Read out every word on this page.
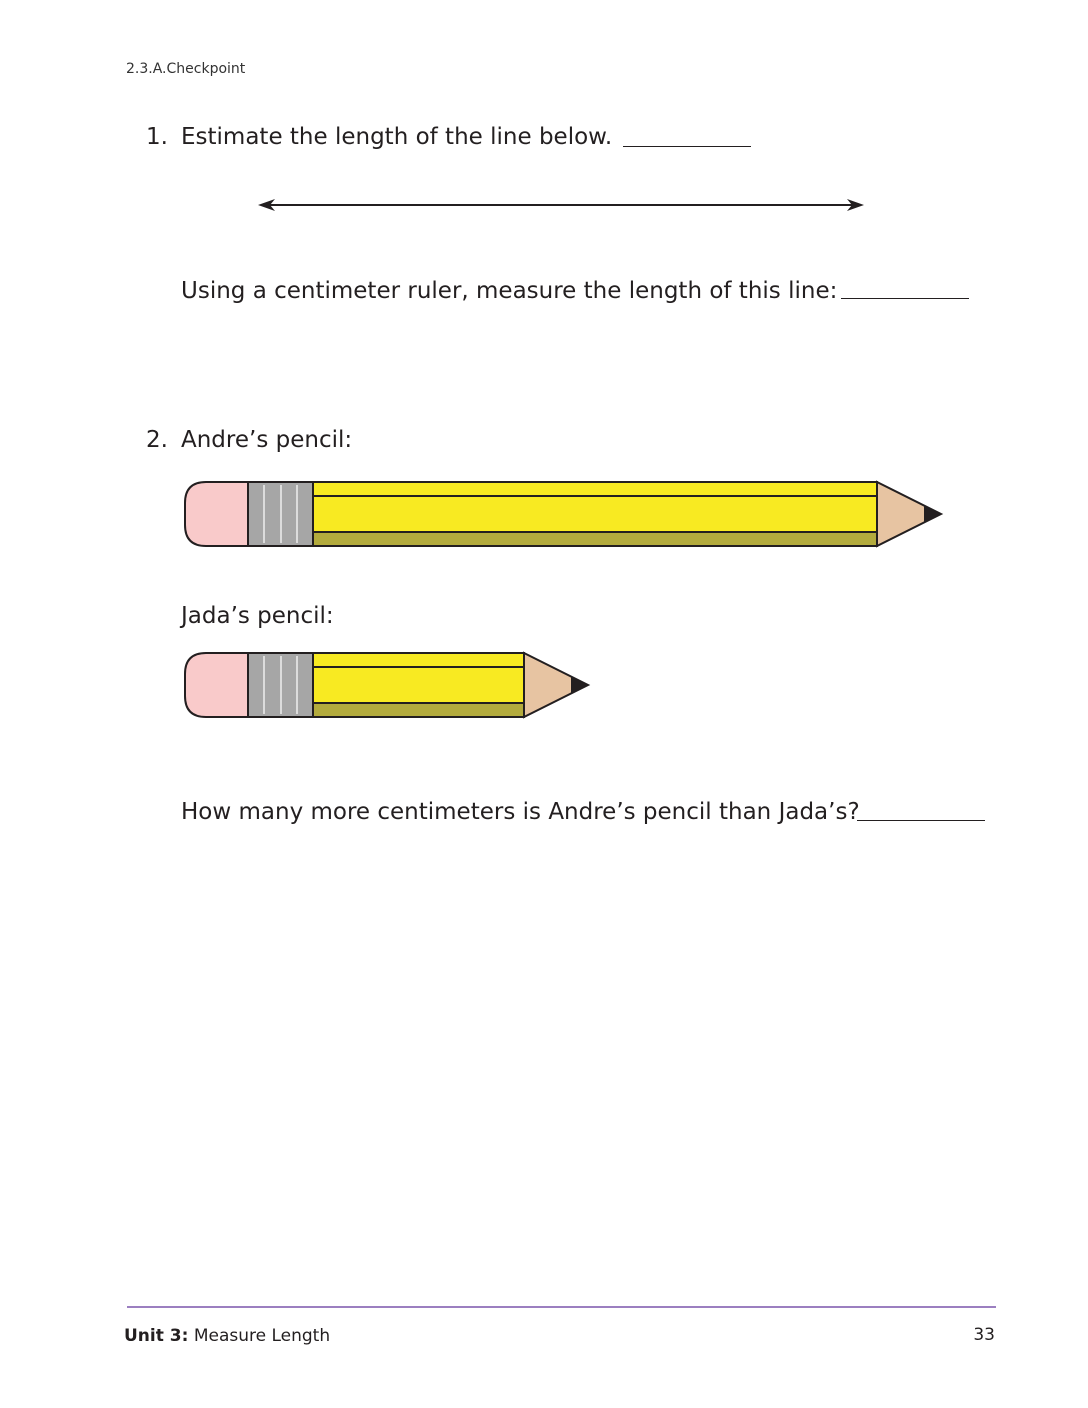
2.3.A.Checkpoint
1. Estimate the length of the line below.
Using a centimeter ruler, measure the length of this line:
2. Andre’s pencil:
Jada’s pencil:
How many more centimeters is Andre’s pencil than Jada’s?
Unit 3: Measure Length	33
